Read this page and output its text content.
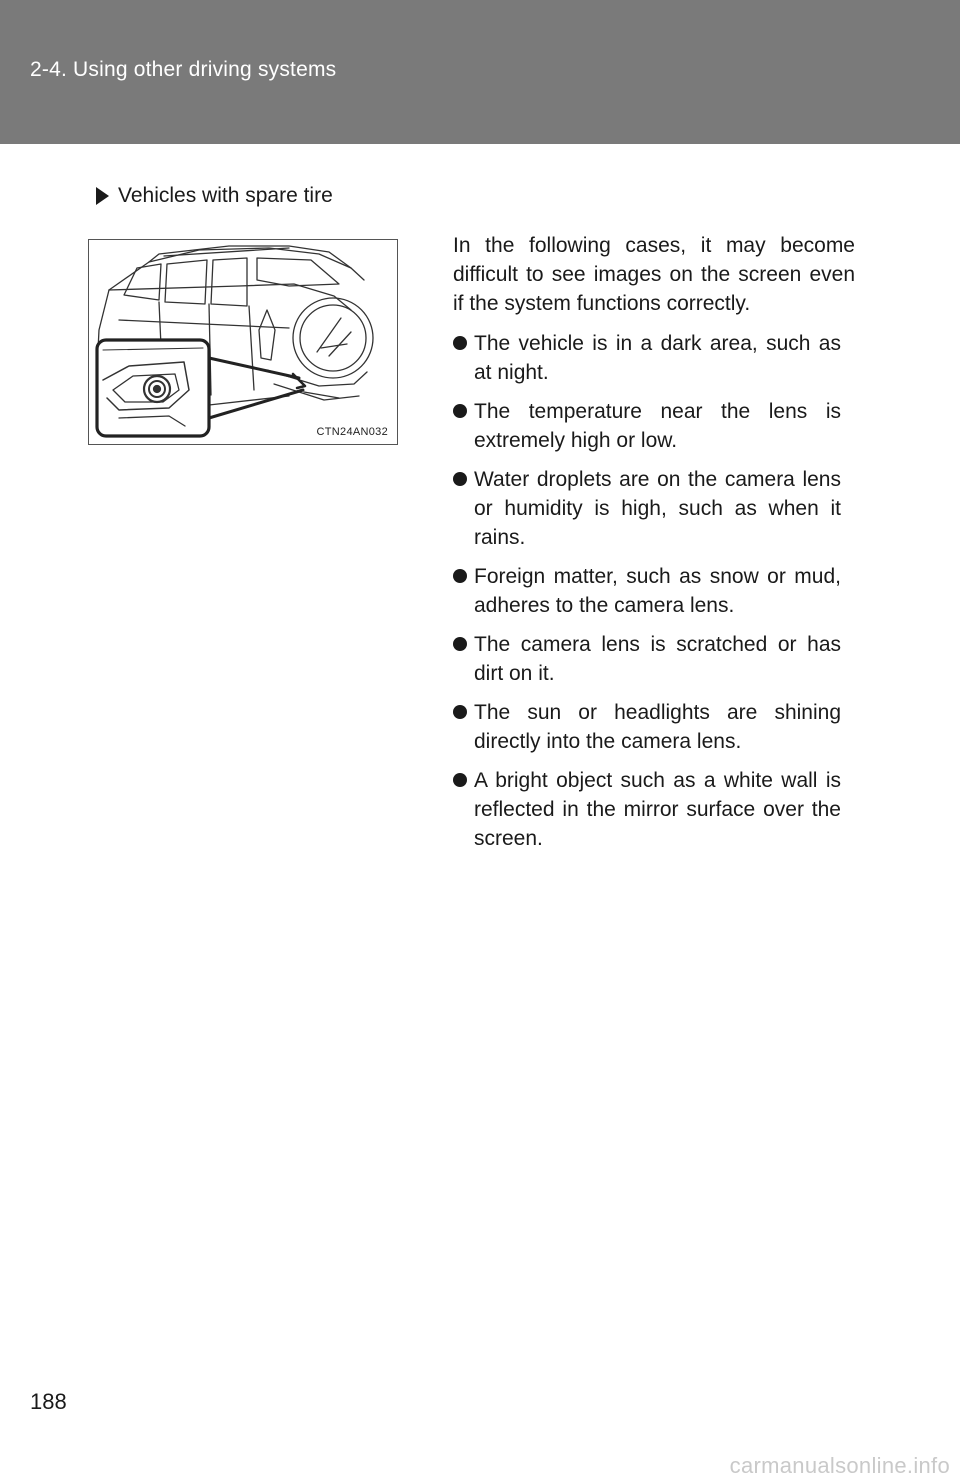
2-4. Using other driving systems
Vehicles with spare tire
CTN24AN032

In the following cases, it may become difficult to see images on the screen even if the system functions correctly.

The vehicle is in a dark area, such as at night.
The temperature near the lens is extremely high or low.
Water droplets are on the camera lens or humidity is high, such as when it rains.
Foreign matter, such as snow or mud, adheres to the camera lens.
The camera lens is scratched or has dirt on it.
The sun or headlights are shining directly into the camera lens.
A bright object such as a white wall is reflected in the mirror surface over the screen.
188
carmanualsonline.info
